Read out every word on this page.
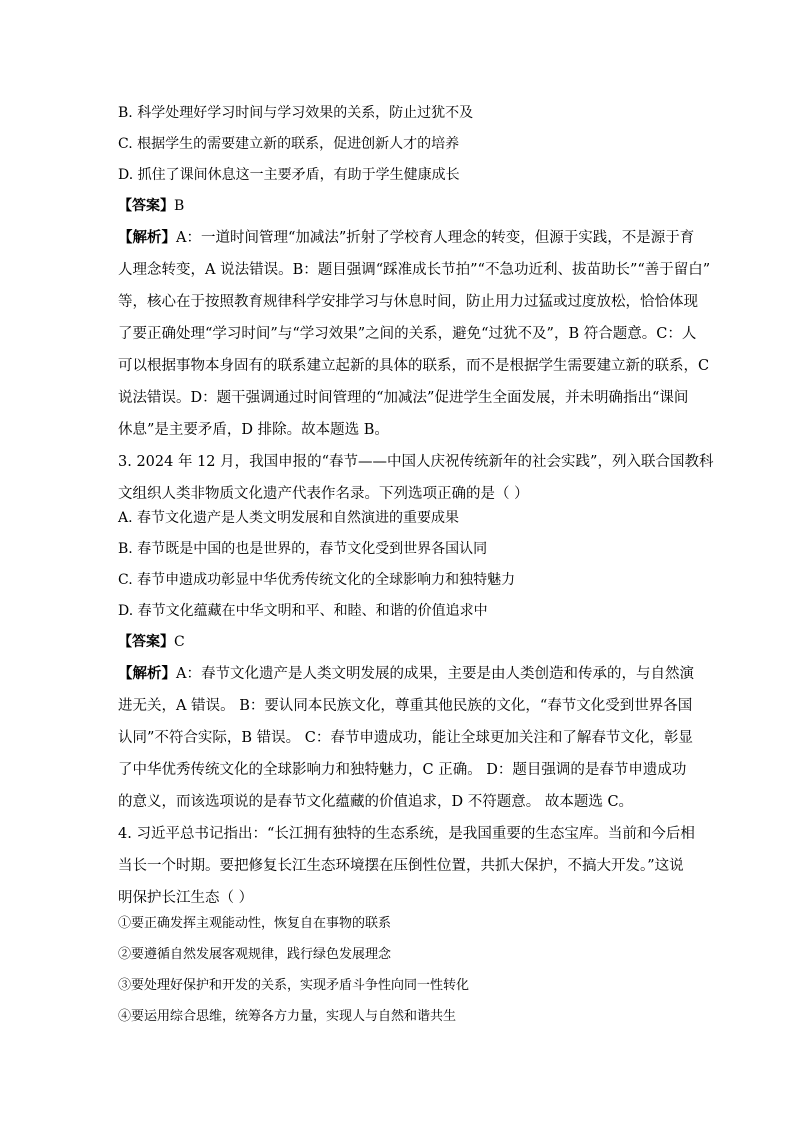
B. 科学处理好学习时间与学习效果的关系，防止过犹不及
C. 根据学生的需要建立新的联系，促进创新人才的培养
D. 抓住了课间休息这一主要矛盾，有助于学生健康成长
【答案】B
【解析】A：一道时间管理“加减法”折射了学校育人理念的转变，但源于实践，不是源于育
人理念转变，A 说法错误。B：题目强调“踩准成长节拍”“不急功近利、拔苗助长”“善于留白”
等，核心在于按照教育规律科学安排学习与休息时间，防止用力过猛或过度放松，恰恰体现
了要正确处理“学习时间”与“学习效果”之间的关系，避免“过犹不及”，B 符合题意。C：人
可以根据事物本身固有的联系建立起新的具体的联系，而不是根据学生需要建立新的联系，C
说法错误。D：题干强调通过时间管理的“加减法”促进学生全面发展，并未明确指出“课间
休息”是主要矛盾，D 排除。故本题选 B。
3. 2024 年 12 月，我国申报的“春节——中国人庆祝传统新年的社会实践”，列入联合国教科
文组织人类非物质文化遗产代表作名录。下列选项正确的是（ ）
A. 春节文化遗产是人类文明发展和自然演进的重要成果
B. 春节既是中国的也是世界的，春节文化受到世界各国认同
C. 春节申遗成功彰显中华优秀传统文化的全球影响力和独特魅力
D. 春节文化蕴藏在中华文明和平、和睦、和谐的价值追求中
【答案】C
【解析】A：春节文化遗产是人类文明发展的成果，主要是由人类创造和传承的，与自然演
进无关，A 错误。 B：要认同本民族文化，尊重其他民族的文化，“春节文化受到世界各国
认同”不符合实际，B 错误。 C：春节申遗成功，能让全球更加关注和了解春节文化，彰显
了中华优秀传统文化的全球影响力和独特魅力，C 正确。 D：题目强调的是春节申遗成功
的意义，而该选项说的是春节文化蕴藏的价值追求，D 不符题意。 故本题选 C。
4. 习近平总书记指出：“长江拥有独特的生态系统，是我国重要的生态宝库。当前和今后相
当长一个时期。要把修复长江生态环境摆在压倒性位置，共抓大保护，不搞大开发。”这说
明保护长江生态（ ）
①要正确发挥主观能动性，恢复自在事物的联系
②要遵循自然发展客观规律，践行绿色发展理念
③要处理好保护和开发的关系，实现矛盾斗争性向同一性转化
④要运用综合思维，统筹各方力量，实现人与自然和谐共生
